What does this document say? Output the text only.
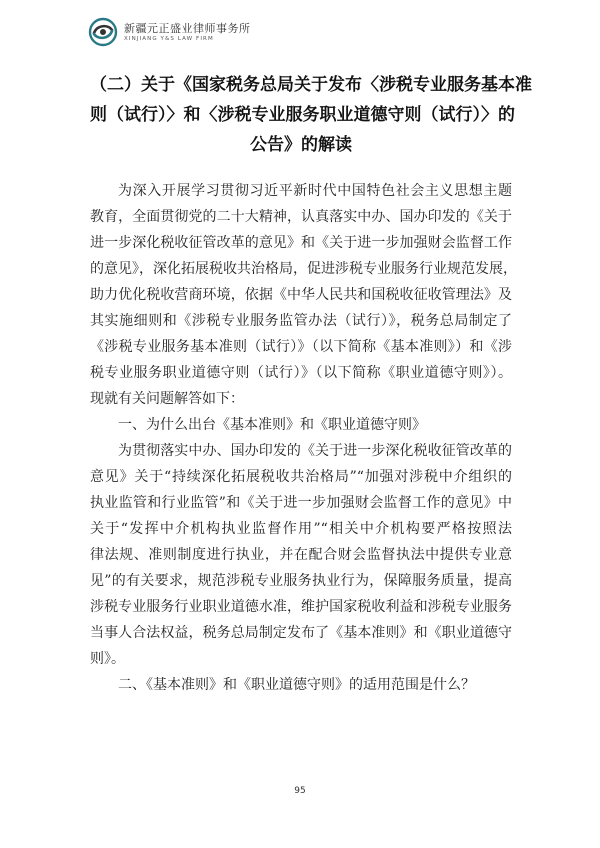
新疆元正盛业律师事务所
XINJIANG Y&S LAW FIRM
（二）关于《国家税务总局关于发布〈涉税专业服务基本准
则（试行）〉和〈涉税专业服务职业道德守则（试行）〉的
公告》的解读
为深入开展学习贯彻习近平新时代中国特色社会主义思想主题
教育，全面贯彻党的二十大精神，认真落实中办、国办印发的《关于
进一步深化税收征管改革的意见》和《关于进一步加强财会监督工作
的意见》，深化拓展税收共治格局，促进涉税专业服务行业规范发展，
助力优化税收营商环境，依据《中华人民共和国税收征收管理法》及
其实施细则和《涉税专业服务监管办法（试行）》，税务总局制定了
《涉税专业服务基本准则（试行）》（以下简称《基本准则》）和《涉
税专业服务职业道德守则（试行）》（以下简称《职业道德守则》）。
现就有关问题解答如下：
一、为什么出台《基本准则》和《职业道德守则》
为贯彻落实中办、国办印发的《关于进一步深化税收征管改革的
意见》关于“持续深化拓展税收共治格局”“加强对涉税中介组织的
执业监管和行业监管”和《关于进一步加强财会监督工作的意见》中
关于“发挥中介机构执业监督作用”“相关中介机构要严格按照法
律法规、准则制度进行执业，并在配合财会监督执法中提供专业意
见”的有关要求，规范涉税专业服务执业行为，保障服务质量，提高
涉税专业服务行业职业道德水准，维护国家税收利益和涉税专业服务
当事人合法权益，税务总局制定发布了《基本准则》和《职业道德守
则》。
二、《基本准则》和《职业道德守则》的适用范围是什么？
95
